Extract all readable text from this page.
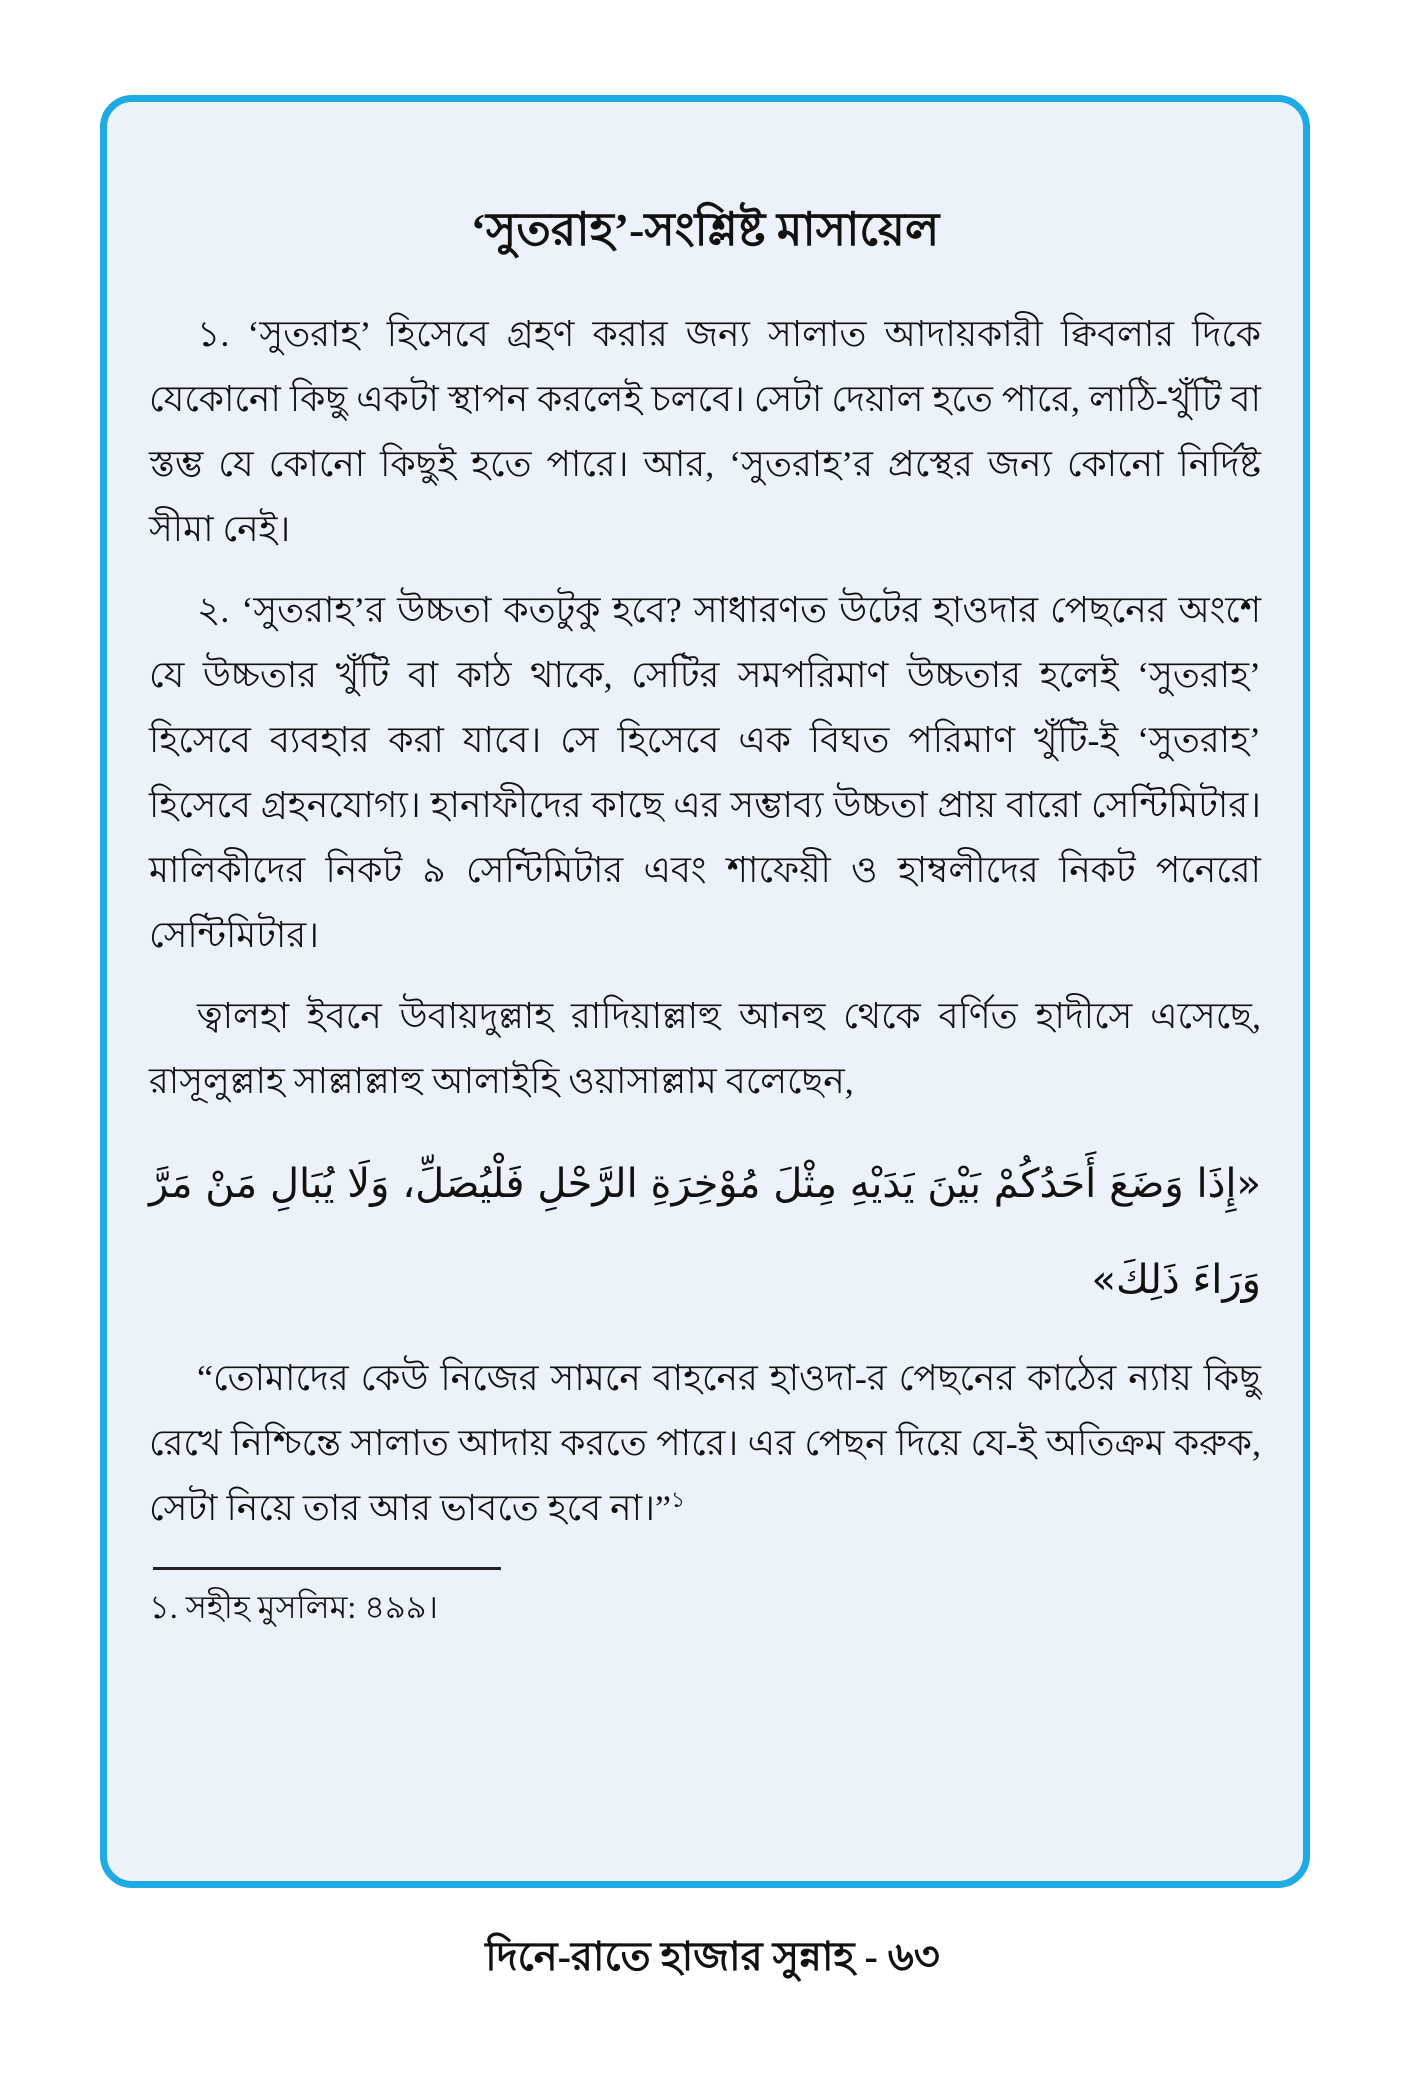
‘সুতরাহ’-সংশ্লিষ্ট মাসায়েল

১. ‘সুতরাহ’ হিসেবে গ্রহণ করার জন্য সালাত আদায়কারী ক্বিবলার দিকে যেকোনো কিছু একটা স্থাপন করলেই চলবে। সেটা দেয়াল হতে পারে, লাঠি-খুঁটি বা স্তম্ভ যে কোনো কিছুই হতে পারে। আর, ‘সুতরাহ’র প্রস্থের জন্য কোনো নির্দিষ্ট সীমা নেই।

২. ‘সুতরাহ’র উচ্চতা কতটুকু হবে? সাধারণত উটের হাওদার পেছনের অংশে যে উচ্চতার খুঁটি বা কাঠ থাকে, সেটির সমপরিমাণ উচ্চতার হলেই ‘সুতরাহ’ হিসেবে ব্যবহার করা যাবে। সে হিসেবে এক বিঘত পরিমাণ খুঁটি-ই ‘সুতরাহ’ হিসেবে গ্রহনযোগ্য। হানাফীদের কাছে এর সম্ভাব্য উচ্চতা প্রায় বারো সেন্টিমিটার। মালিকীদের নিকট ৯ সেন্টিমিটার এবং শাফেয়ী ও হাম্বলীদের নিকট পনেরো সেন্টিমিটার।

ত্বালহা ইবনে উবায়দুল্লাহ রাদিয়াল্লাহু আনহু থেকে বর্ণিত হাদীসে এসেছে, রাসূলুল্লাহ সাল্লাল্লাহু আলাইহি ওয়াসাল্লাম বলেছেন,

«إِذَا وَضَعَ أَحَدُكُمْ بَيْنَ يَدَيْهِ مِثْلَ مُوْخِرَةِ الرَّحْلِ فَلْيُصَلِّ، وَلَا يُبَالِ مَنْ مَرَّ وَرَاءَ ذَلِكَ»

“তোমাদের কেউ নিজের সামনে বাহনের হাওদা-র পেছনের কাঠের ন্যায় কিছু রেখে নিশ্চিন্তে সালাত আদায় করতে পারে। এর পেছন দিয়ে যে-ই অতিক্রম করুক, সেটা নিয়ে তার আর ভাবতে হবে না।”$^১$

১. সহীহ মুসলিম: ৪৯৯।

দিনে-রাতে হাজার সুন্নাহ - ৬৩
